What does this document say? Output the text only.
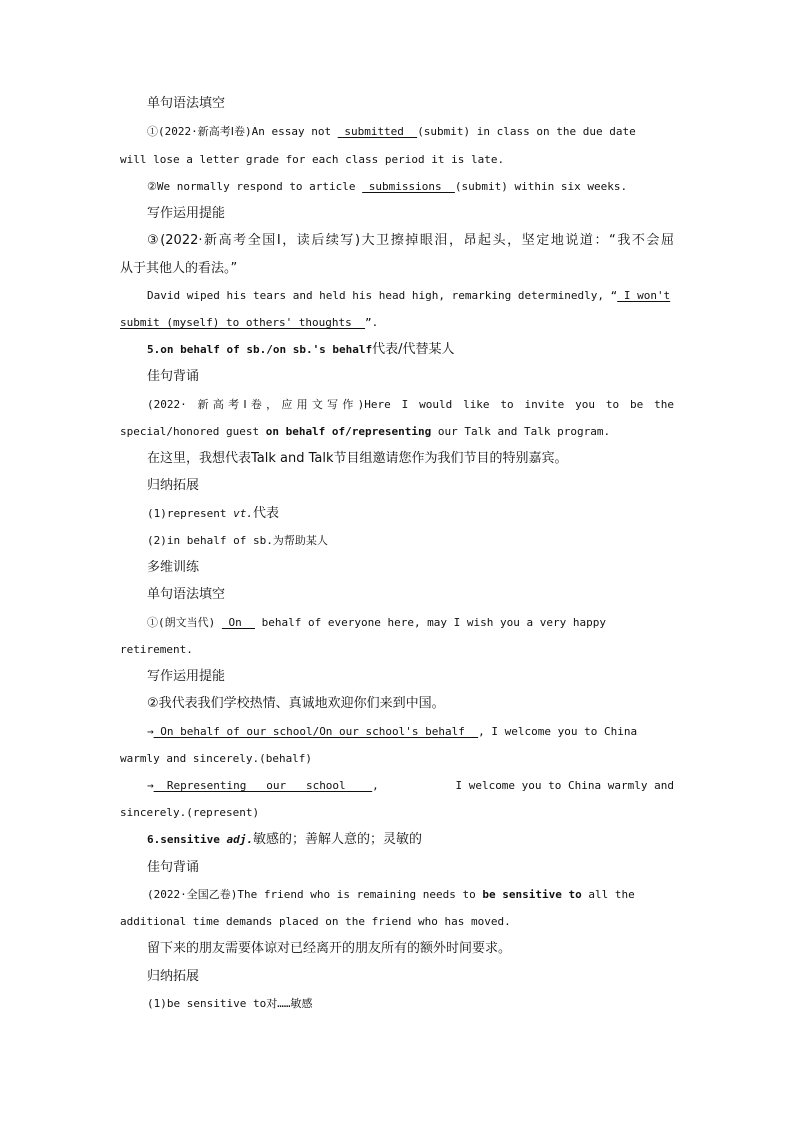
单句语法填空
①(2022·新高考Ⅰ卷)An essay not  submitted  (submit) in class on the due date
will lose a letter grade for each class period it is late.
②We normally respond to article  submissions  (submit) within six weeks.
写作运用提能
③(2022·新高考全国Ⅰ，读后续写)大卫擦掉眼泪，昂起头，坚定地说道：“我不会屈
从于其他人的看法。”
David wiped his tears and held his head high, remarking determinedly, “ I won't
submit (myself) to others' thoughts  ”.
5.on behalf of sb./on sb.'s behalf代表/代替某人
佳句背诵
(2022· 新高考Ⅰ卷，应用文写作)Here I would like to invite you to be the
special/honored guest on behalf of/representing our Talk and Talk program.
在这里，我想代表Talk and Talk节目组邀请您作为我们节目的特别嘉宾。
归纳拓展
(1)represent vt.代表
(2)in behalf of sb.为帮助某人
多维训练
单句语法填空
①(朗文当代)  On   behalf of everyone here, may I wish you a very happy
retirement.
写作运用提能
②我代表我们学校热情、真诚地欢迎你们来到中国。
→ On behalf of our school/On our school's behalf  , I welcome you to China
warmly and sincerely.(behalf)
→  Representing   our   school    ,	I welcome you to China warmly and
sincerely.(represent)
6.sensitive adj.敏感的；善解人意的；灵敏的
佳句背诵
(2022·全国乙卷)The friend who is remaining needs to be sensitive to all the
additional time demands placed on the friend who has moved.
留下来的朋友需要体谅对已经离开的朋友所有的额外时间要求。
归纳拓展
(1)be sensitive to对……敏感
